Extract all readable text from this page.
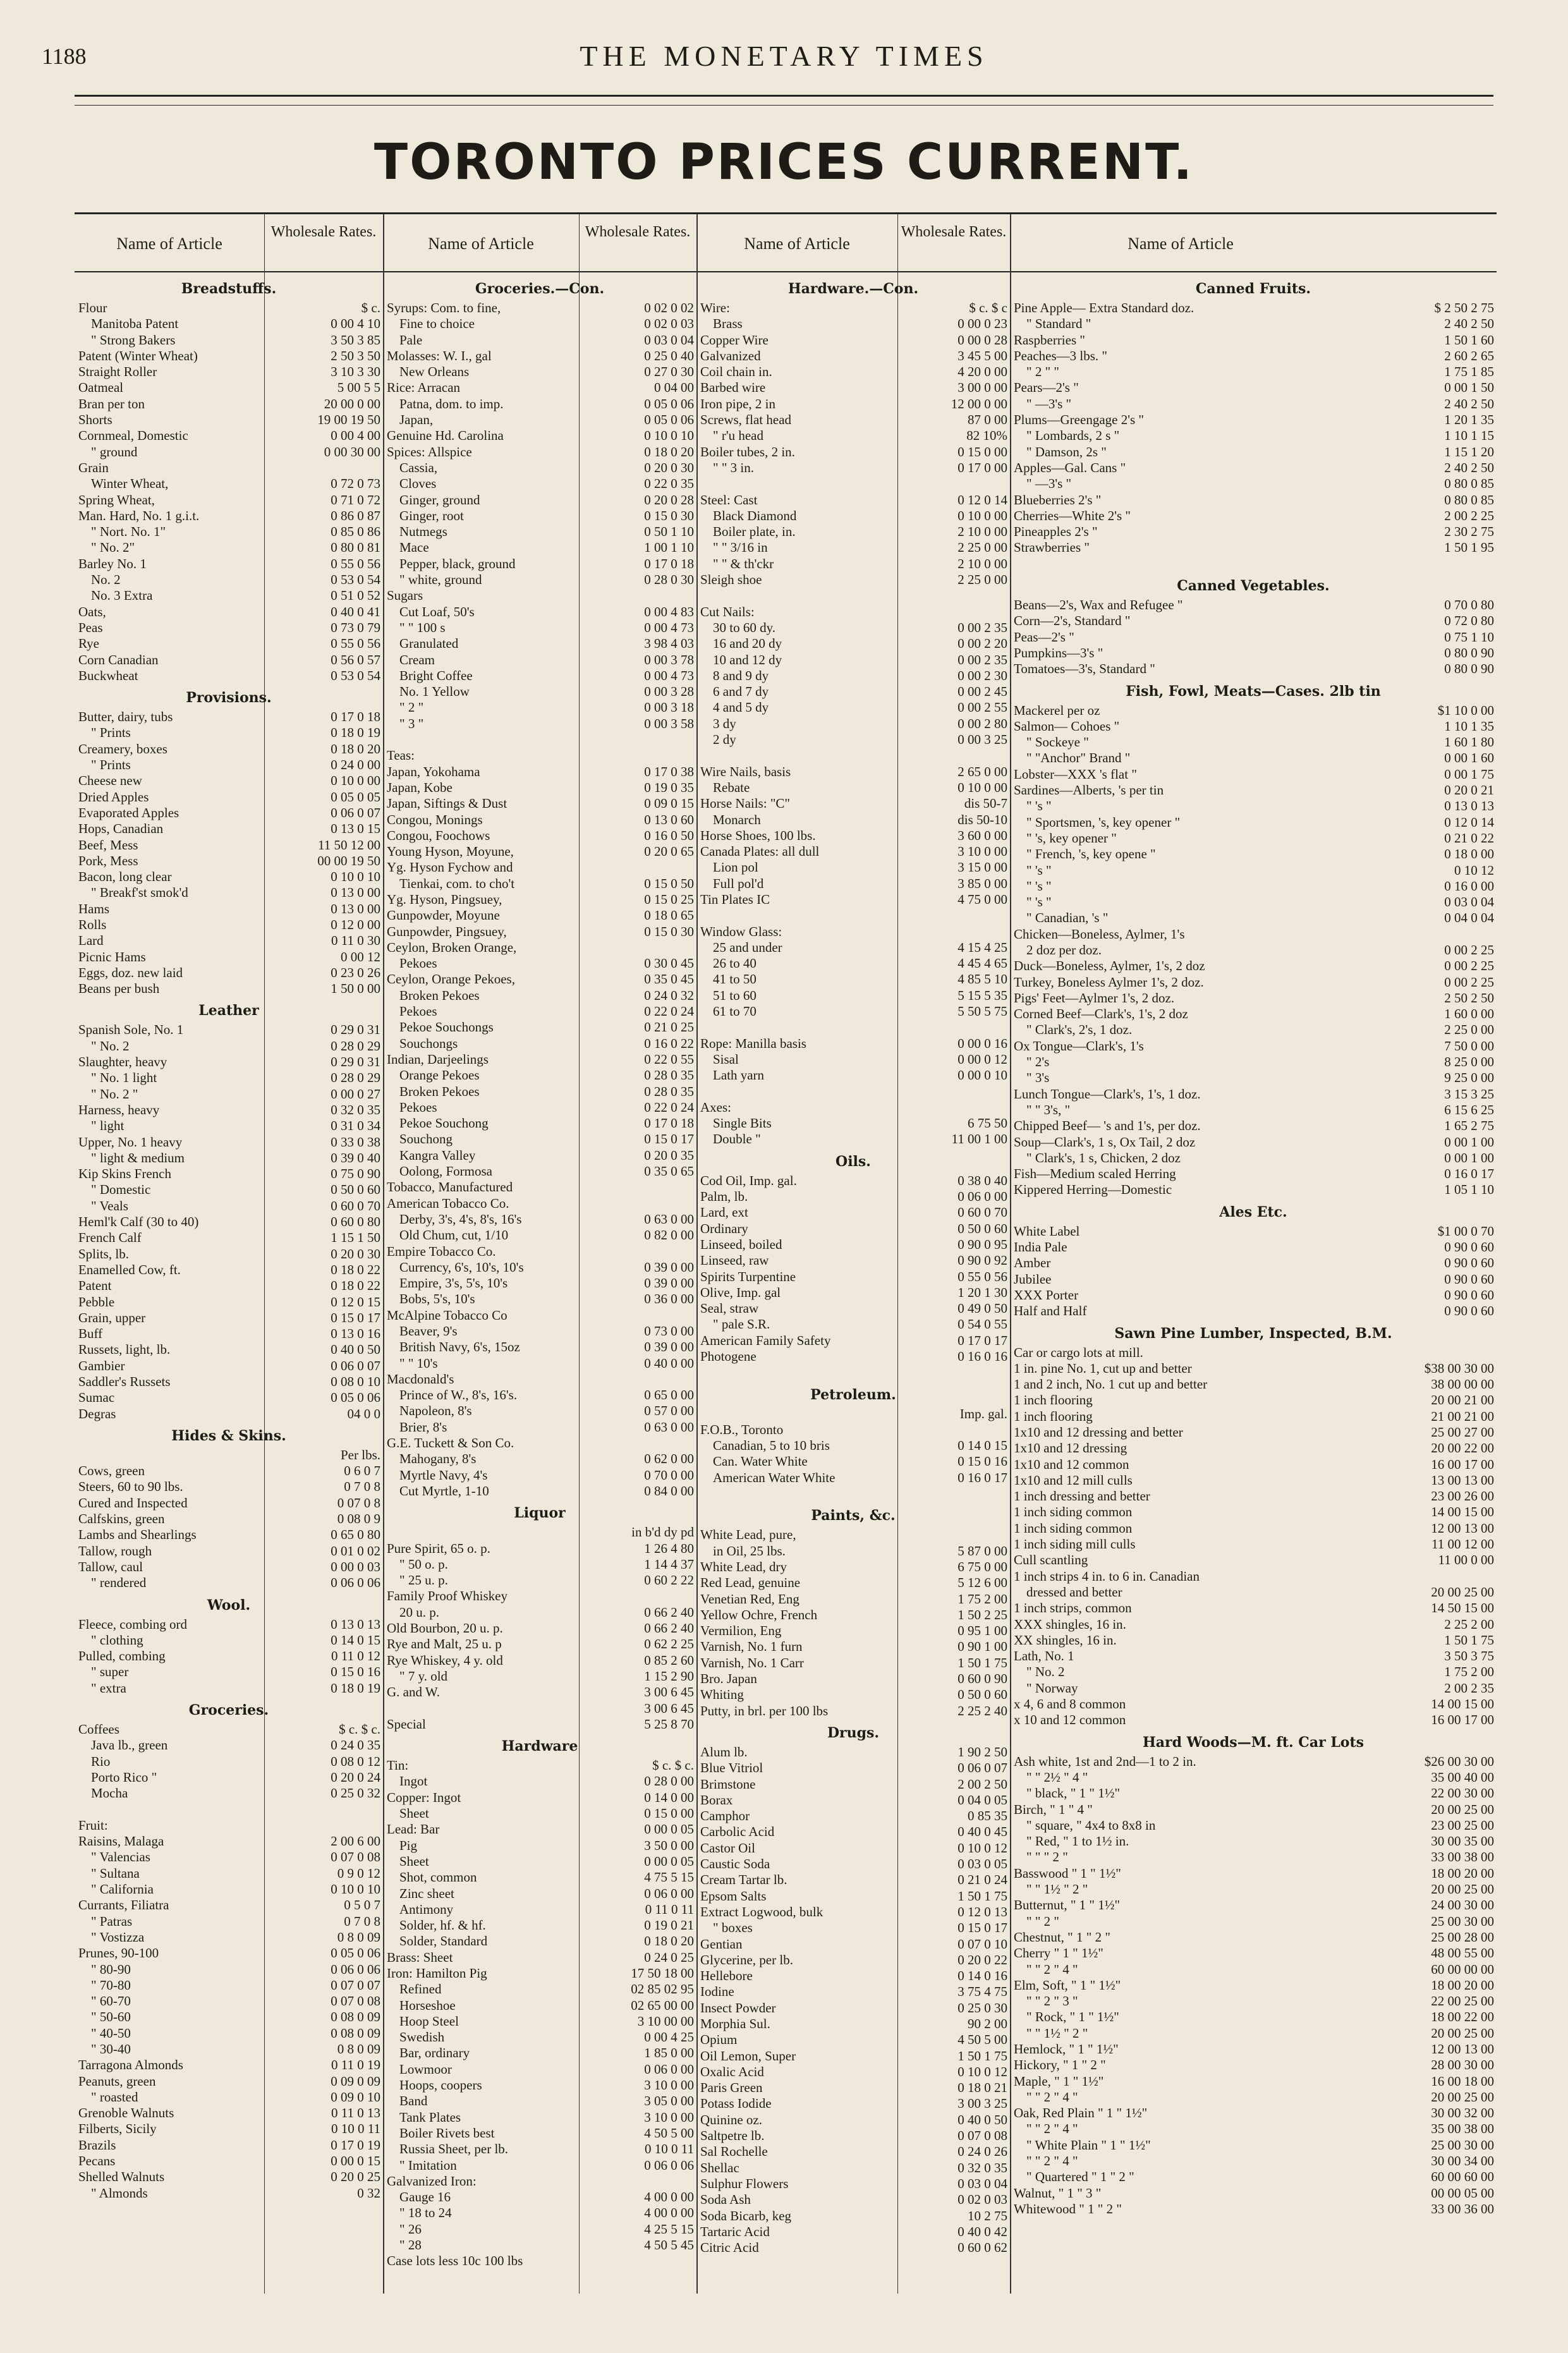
1188	THE MONETARY TIMES
TORONTO PRICES CURRENT.
Name of Article
Wholesale Rates.
Breadstuffs.
Flour	$ c.
Manitoba Patent	0 00 4 10
" Strong Bakers	3 50 3 85
Patent (Winter Wheat)	2 50 3 50
Straight Roller	3 10 3 30
Oatmeal	5 00 5 5
Bran per ton	20 00 0 00
Shorts	19 00 19 50
Cornmeal, Domestic	0 00 4 00
" ground	0 00 30 00
Grain
Winter Wheat,	0 72 0 73
Spring Wheat,	0 71 0 72
Man. Hard, No. 1 g.i.t.	0 86 0 87
" Nort. No. 1"	0 85 0 86
" No. 2"	0 80 0 81
Barley No. 1	0 55 0 56
No. 2	0 53 0 54
No. 3 Extra	0 51 0 52
Oats,	0 40 0 41
Peas	0 73 0 79
Rye	0 55 0 56
Corn Canadian	0 56 0 57
Buckwheat	0 53 0 54
Provisions.
Butter, dairy, tubs	0 17 0 18
" Prints	0 18 0 19
Creamery, boxes	0 18 0 20
" Prints	0 24 0 00
Cheese new	0 10 0 00
Dried Apples	0 05 0 05
Evaporated Apples	0 06 0 07
Hops, Canadian	0 13 0 15
Beef, Mess	11 50 12 00
Pork, Mess	00 00 19 50
Bacon, long clear	0 10 0 10
" Breakf'st smok'd	0 13 0 00
Hams	0 13 0 00
Rolls	0 12 0 00
Lard	0 11 0 30
Picnic Hams	0 00 12
Eggs, doz. new laid	0 23 0 26
Beans per bush	1 50 0 00
Leather
Spanish Sole, No. 1	0 29 0 31
" No. 2	0 28 0 29
Slaughter, heavy	0 29 0 31
" No. 1 light	0 28 0 29
" No. 2 "	0 00 0 27
Harness, heavy	0 32 0 35
" light	0 31 0 34
Upper, No. 1 heavy	0 33 0 38
" light & medium	0 39 0 40
Kip Skins French	0 75 0 90
" Domestic	0 50 0 60
" Veals	0 60 0 70
Heml'k Calf (30 to 40)	0 60 0 80
French Calf	1 15 1 50
Splits, lb.	0 20 0 30
Enamelled Cow, ft.	0 18 0 22
Patent	0 18 0 22
Pebble	0 12 0 15
Grain, upper	0 15 0 17
Buff	0 13 0 16
Russets, light, lb.	0 40 0 50
Gambier	0 06 0 07
Saddler's Russets	0 08 0 10
Sumac	0 05 0 06
Degras	04 0 0
Hides & Skins.
Per lbs.
Cows, green	0 6 0 7
Steers, 60 to 90 lbs.	0 7 0 8
Cured and Inspected	0 07 0 8
Calfskins, green	0 08 0 9
Lambs and Shearlings	0 65 0 80
Tallow, rough	0 01 0 02
Tallow, caul	0 00 0 03
" rendered	0 06 0 06
Wool.
Fleece, combing ord	0 13 0 13
" clothing	0 14 0 15
Pulled, combing	0 11 0 12
" super	0 15 0 16
" extra	0 18 0 19
Groceries.
Coffees	$ c. $ c.
Java lb., green	0 24 0 35
Rio	0 08 0 12
Porto Rico "	0 20 0 24
Mocha	0 25 0 32
Fruit:
Raisins, Malaga	2 00 6 00
" Valencias	0 07 0 08
" Sultana	0 9 0 12
" California	0 10 0 10
Currants, Filiatra	0 5 0 7
" Patras	0 7 0 8
" Vostizza	0 8 0 09
Prunes, 90-100	0 05 0 06
" 80-90	0 06 0 06
" 70-80	0 07 0 07
" 60-70	0 07 0 08
" 50-60	0 08 0 09
" 40-50	0 08 0 09
" 30-40	0 8 0 09
Tarragona Almonds	0 11 0 19
Peanuts, green	0 09 0 09
" roasted	0 09 0 10
Grenoble Walnuts	0 11 0 13
Filberts, Sicily	0 10 0 11
Brazils	0 17 0 19
Pecans	0 00 0 15
Shelled Walnuts	0 20 0 25
" Almonds	0 32
Name of Article
Wholesale Rates.
Groceries.—Con.
Syrups: Com. to fine,	0 02 0 02
Fine to choice	0 02 0 03
Pale	0 03 0 04
Molasses: W. I., gal	0 25 0 40
New Orleans	0 27 0 30
Rice: Arracan	0 04 00
Patna, dom. to imp.	0 05 0 06
Japan,	0 05 0 06
Genuine Hd. Carolina	0 10 0 10
Spices: Allspice	0 18 0 20
Cassia,	0 20 0 30
Cloves	0 22 0 35
Ginger, ground	0 20 0 28
Ginger, root	0 15 0 30
Nutmegs	0 50 1 10
Mace	1 00 1 10
Pepper, black, ground	0 17 0 18
" white, ground	0 28 0 30
Sugars
Cut Loaf, 50's	0 00 4 83
" " 100 s	0 00 4 73
Granulated	3 98 4 03
Cream	0 00 3 78
Bright Coffee	0 00 4 73
No. 1 Yellow	0 00 3 28
" 2 "	0 00 3 18
" 3 "	0 00 3 58
Teas:
Japan, Yokohama	0 17 0 38
Japan, Kobe	0 19 0 35
Japan, Siftings & Dust	0 09 0 15
Congou, Monings	0 13 0 60
Congou, Foochows	0 16 0 50
Young Hyson, Moyune,	0 20 0 65
Yg. Hyson Fychow and
Tienkai, com. to cho't	0 15 0 50
Yg. Hyson, Pingsuey,	0 15 0 25
Gunpowder, Moyune	0 18 0 65
Gunpowder, Pingsuey,	0 15 0 30
Ceylon, Broken Orange,
Pekoes	0 30 0 45
Ceylon, Orange Pekoes,	0 35 0 45
Broken Pekoes	0 24 0 32
Pekoes	0 22 0 24
Pekoe Souchongs	0 21 0 25
Souchongs	0 16 0 22
Indian, Darjeelings	0 22 0 55
Orange Pekoes	0 28 0 35
Broken Pekoes	0 28 0 35
Pekoes	0 22 0 24
Pekoe Souchong	0 17 0 18
Souchong	0 15 0 17
Kangra Valley	0 20 0 35
Oolong, Formosa	0 35 0 65
Tobacco, Manufactured
American Tobacco Co.
Derby, 3's, 4's, 8's, 16's	0 63 0 00
Old Chum, cut, 1/10	0 82 0 00
Empire Tobacco Co.
Currency, 6's, 10's, 10's	0 39 0 00
Empire, 3's, 5's, 10's	0 39 0 00
Bobs, 5's, 10's	0 36 0 00
McAlpine Tobacco Co
Beaver, 9's	0 73 0 00
British Navy, 6's, 15oz	0 39 0 00
" " 10's	0 40 0 00
Macdonald's
Prince of W., 8's, 16's.	0 65 0 00
Napoleon, 8's	0 57 0 00
Brier, 8's	0 63 0 00
G.E. Tuckett & Son Co.
Mahogany, 8's	0 62 0 00
Myrtle Navy, 4's	0 70 0 00
Cut Myrtle, 1-10	0 84 0 00
Liquor
in b'd dy pd
Pure Spirit, 65 o. p.	1 26 4 80
" 50 o. p.	1 14 4 37
" 25 u. p.	0 60 2 22
Family Proof Whiskey
20 u. p.	0 66 2 40
Old Bourbon, 20 u. p.	0 66 2 40
Rye and Malt, 25 u. p	0 62 2 25
Rye Whiskey, 4 y. old	0 85 2 60
" 7 y. old	1 15 2 90
G. and W.	3 00 6 45
3 00 6 45
Special	5 25 8 70
Hardware
Tin:	$ c. $ c.
Ingot	0 28 0 00
Copper: Ingot	0 14 0 00
Sheet	0 15 0 00
Lead: Bar	0 00 0 05
Pig	3 50 0 00
Sheet	0 00 0 05
Shot, common	4 75 5 15
Zinc sheet	0 06 0 00
Antimony	0 11 0 11
Solder, hf. & hf.	0 19 0 21
Solder, Standard	0 18 0 20
Brass: Sheet	0 24 0 25
Iron: Hamilton Pig	17 50 18 00
Refined	02 85 02 95
Horseshoe	02 65 00 00
Hoop Steel	3 10 00 00
Swedish	0 00 4 25
Bar, ordinary	1 85 0 00
Lowmoor	0 06 0 00
Hoops, coopers	3 10 0 00
Band	3 05 0 00
Tank Plates	3 10 0 00
Boiler Rivets best	4 50 5 00
Russia Sheet, per lb.	0 10 0 11
" Imitation	0 06 0 06
Galvanized Iron:
Gauge 16	4 00 0 00
" 18 to 24	4 00 0 00
" 26	4 25 5 15
" 28	4 50 5 45
Case lots less 10c 100 lbs
Name of Article
Wholesale Rates.
Hardware.—Con.
Wire:	$ c. $ c
Brass	0 00 0 23
Copper Wire	0 00 0 28
Galvanized	3 45 5 00
Coil chain in.	4 20 0 00
Barbed wire	3 00 0 00
Iron pipe, 2 in	12 00 0 00
Screws, flat head	87 0 00
" r'u head	82 10%
Boiler tubes, 2 in.	0 15 0 00
" " 3 in.	0 17 0 00
Steel: Cast	0 12 0 14
Black Diamond	0 10 0 00
Boiler plate, in.	2 10 0 00
" " 3/16 in	2 25 0 00
" " & th'ckr	2 10 0 00
Sleigh shoe	2 25 0 00
Cut Nails:
30 to 60 dy.	0 00 2 35
16 and 20 dy	0 00 2 20
10 and 12 dy	0 00 2 35
8 and 9 dy	0 00 2 30
6 and 7 dy	0 00 2 45
4 and 5 dy	0 00 2 55
3 dy	0 00 2 80
2 dy	0 00 3 25
Wire Nails, basis	2 65 0 00
Rebate	0 10 0 00
Horse Nails: "C"	dis 50-7
Monarch	dis 50-10
Horse Shoes, 100 lbs.	3 60 0 00
Canada Plates: all dull	3 10 0 00
Lion pol	3 15 0 00
Full pol'd	3 85 0 00
Tin Plates IC	4 75 0 00
Window Glass:
25 and under	4 15 4 25
26 to 40	4 45 4 65
41 to 50	4 85 5 10
51 to 60	5 15 5 35
61 to 70	5 50 5 75
Rope: Manilla basis	0 00 0 16
Sisal	0 00 0 12
Lath yarn	0 00 0 10
Axes:
Single Bits	6 75 50
Double "	11 00 1 00
Oils.
Cod Oil, Imp. gal.	0 38 0 40
Palm, lb.	0 06 0 00
Lard, ext	0 60 0 70
Ordinary	0 50 0 60
Linseed, boiled	0 90 0 95
Linseed, raw	0 90 0 92
Spirits Turpentine	0 55 0 56
Olive, Imp. gal	1 20 1 30
Seal, straw	0 49 0 50
" pale S.R.	0 54 0 55
American Family Safety	0 17 0 17
Photogene	0 16 0 16
Petroleum.
Imp. gal.
F.O.B., Toronto
Canadian, 5 to 10 bris	0 14 0 15
Can. Water White	0 15 0 16
American Water White	0 16 0 17
Paints, &c.
White Lead, pure,
in Oil, 25 lbs.	5 87 0 00
White Lead, dry	6 75 0 00
Red Lead, genuine	5 12 6 00
Venetian Red, Eng	1 75 2 00
Yellow Ochre, French	1 50 2 25
Vermilion, Eng	0 95 1 00
Varnish, No. 1 furn	0 90 1 00
Varnish, No. 1 Carr	1 50 1 75
Bro. Japan	0 60 0 90
Whiting	0 50 0 60
Putty, in brl. per 100 lbs	2 25 2 40
Drugs.
Alum lb.	1 90 2 50
Blue Vitriol	0 06 0 07
Brimstone	2 00 2 50
Borax	0 04 0 05
Camphor	0 85 35
Carbolic Acid	0 40 0 45
Castor Oil	0 10 0 12
Caustic Soda	0 03 0 05
Cream Tartar lb.	0 21 0 24
Epsom Salts	1 50 1 75
Extract Logwood, bulk	0 12 0 13
" boxes	0 15 0 17
Gentian	0 07 0 10
Glycerine, per lb.	0 20 0 22
Hellebore	0 14 0 16
Iodine	3 75 4 75
Insect Powder	0 25 0 30
Morphia Sul.	90 2 00
Opium	4 50 5 00
Oil Lemon, Super	1 50 1 75
Oxalic Acid	0 10 0 12
Paris Green	0 18 0 21
Potass Iodide	3 00 3 25
Quinine oz.	0 40 0 50
Saltpetre lb.	0 07 0 08
Sal Rochelle	0 24 0 26
Shellac	0 32 0 35
Sulphur Flowers	0 03 0 04
Soda Ash	0 02 0 03
Soda Bicarb, keg	10 2 75
Tartaric Acid	0 40 0 42
Citric Acid	0 60 0 62
Name of Article
Canned Fruits.
Pine Apple— Extra Standard doz.	$ 2 50 2 75
" Standard "	2 40 2 50
Raspberries "	1 50 1 60
Peaches—3 lbs. "	2 60 2 65
" 2 " "	1 75 1 85
Pears—2's "	0 00 1 50
" —3's "	2 40 2 50
Plums—Greengage 2's "	1 20 1 35
" Lombards, 2 s "	1 10 1 15
" Damson, 2s "	1 15 1 20
Apples—Gal. Cans "	2 40 2 50
" —3's "	0 80 0 85
Blueberries 2's "	0 80 0 85
Cherries—White 2's "	2 00 2 25
Pineapples 2's "	2 30 2 75
Strawberries "	1 50 1 95
Canned Vegetables.
Beans—2's, Wax and Refugee "	0 70 0 80
Corn—2's, Standard "	0 72 0 80
Peas—2's "	0 75 1 10
Pumpkins—3's "	0 80 0 90
Tomatoes—3's, Standard "	0 80 0 90
Fish, Fowl, Meats—Cases. 2lb tin
Mackerel per oz	$1 10 0 00
Salmon— Cohoes "	1 10 1 35
" Sockeye "	1 60 1 80
" "Anchor" Brand "	0 00 1 60
Lobster—XXX 's flat "	0 00 1 75
Sardines—Alberts, 's per tin	0 20 0 21
" 's "	0 13 0 13
" Sportsmen, 's, key opener "	0 12 0 14
" 's, key opener "	0 21 0 22
" French, 's, key opene "	0 18 0 00
" 's "	0 10 12
" 's "	0 16 0 00
" 's "	0 03 0 04
" Canadian, 's "	0 04 0 04
Chicken—Boneless, Aylmer, 1's
2 doz per doz.	0 00 2 25
Duck—Boneless, Aylmer, 1's, 2 doz	0 00 2 25
Turkey, Boneless Aylmer 1's, 2 doz.	0 00 2 25
Pigs' Feet—Aylmer 1's, 2 doz.	2 50 2 50
Corned Beef—Clark's, 1's, 2 doz	1 60 0 00
" Clark's, 2's, 1 doz.	2 25 0 00
Ox Tongue—Clark's, 1's	7 50 0 00
" 2's	8 25 0 00
" 3's	9 25 0 00
Lunch Tongue—Clark's, 1's, 1 doz.	3 15 3 25
" " 3's, "	6 15 6 25
Chipped Beef— 's and 1's, per doz.	1 65 2 75
Soup—Clark's, 1 s, Ox Tail, 2 doz	0 00 1 00
" Clark's, 1 s, Chicken, 2 doz	0 00 1 00
Fish—Medium scaled Herring	0 16 0 17
Kippered Herring—Domestic	1 05 1 10
Ales Etc.
White Label	$1 00 0 70
India Pale	0 90 0 60
Amber	0 90 0 60
Jubilee	0 90 0 60
XXX Porter	0 90 0 60
Half and Half	0 90 0 60
Sawn Pine Lumber, Inspected, B.M.
Car or cargo lots at mill.
1 in. pine No. 1, cut up and better	$38 00 30 00
1 and 2 inch, No. 1 cut up and better	38 00 00 00
1 inch flooring	20 00 21 00
1 inch flooring	21 00 21 00
1x10 and 12 dressing and better	25 00 27 00
1x10 and 12 dressing	20 00 22 00
1x10 and 12 common	16 00 17 00
1x10 and 12 mill culls	13 00 13 00
1 inch dressing and better	23 00 26 00
1 inch siding common	14 00 15 00
1 inch siding common	12 00 13 00
1 inch siding mill culls	11 00 12 00
Cull scantling	11 00 0 00
1 inch strips 4 in. to 6 in. Canadian
dressed and better	20 00 25 00
1 inch strips, common	14 50 15 00
XXX shingles, 16 in.	2 25 2 00
XX shingles, 16 in.	1 50 1 75
Lath, No. 1	3 50 3 75
" No. 2	1 75 2 00
" Norway	2 00 2 35
x 4, 6 and 8 common	14 00 15 00
x 10 and 12 common	16 00 17 00
Hard Woods—M. ft. Car Lots
Ash white, 1st and 2nd—1 to 2 in.	$26 00 30 00
" " 2½ " 4 "	35 00 40 00
" black, " 1 " 1½"	22 00 30 00
Birch, " 1 " 4 "	20 00 25 00
" square, " 4x4 to 8x8 in	23 00 25 00
" Red, " 1 to 1½ in.	30 00 35 00
" " " 2 "	33 00 38 00
Basswood " 1 " 1½"	18 00 20 00
" " 1½ " 2 "	20 00 25 00
Butternut, " 1 " 1½"	24 00 30 00
" " 2 "	25 00 30 00
Chestnut, " 1 " 2 "	25 00 28 00
Cherry " 1 " 1½"	48 00 55 00
" " 2 " 4 "	60 00 00 00
Elm, Soft, " 1 " 1½"	18 00 20 00
" " 2 " 3 "	22 00 25 00
" Rock, " 1 " 1½"	18 00 22 00
" " 1½ " 2 "	20 00 25 00
Hemlock, " 1 " 1½"	12 00 13 00
Hickory, " 1 " 2 "	28 00 30 00
Maple, " 1 " 1½"	16 00 18 00
" " 2 " 4 "	20 00 25 00
Oak, Red Plain " 1 " 1½"	30 00 32 00
" " 2 " 4 "	35 00 38 00
" White Plain " 1 " 1½"	25 00 30 00
" " 2 " 4 "	30 00 34 00
" Quartered " 1 " 2 "	60 00 60 00
Walnut, " 1 " 3 "	00 00 05 00
Whitewood " 1 " 2 "	33 00 36 00
